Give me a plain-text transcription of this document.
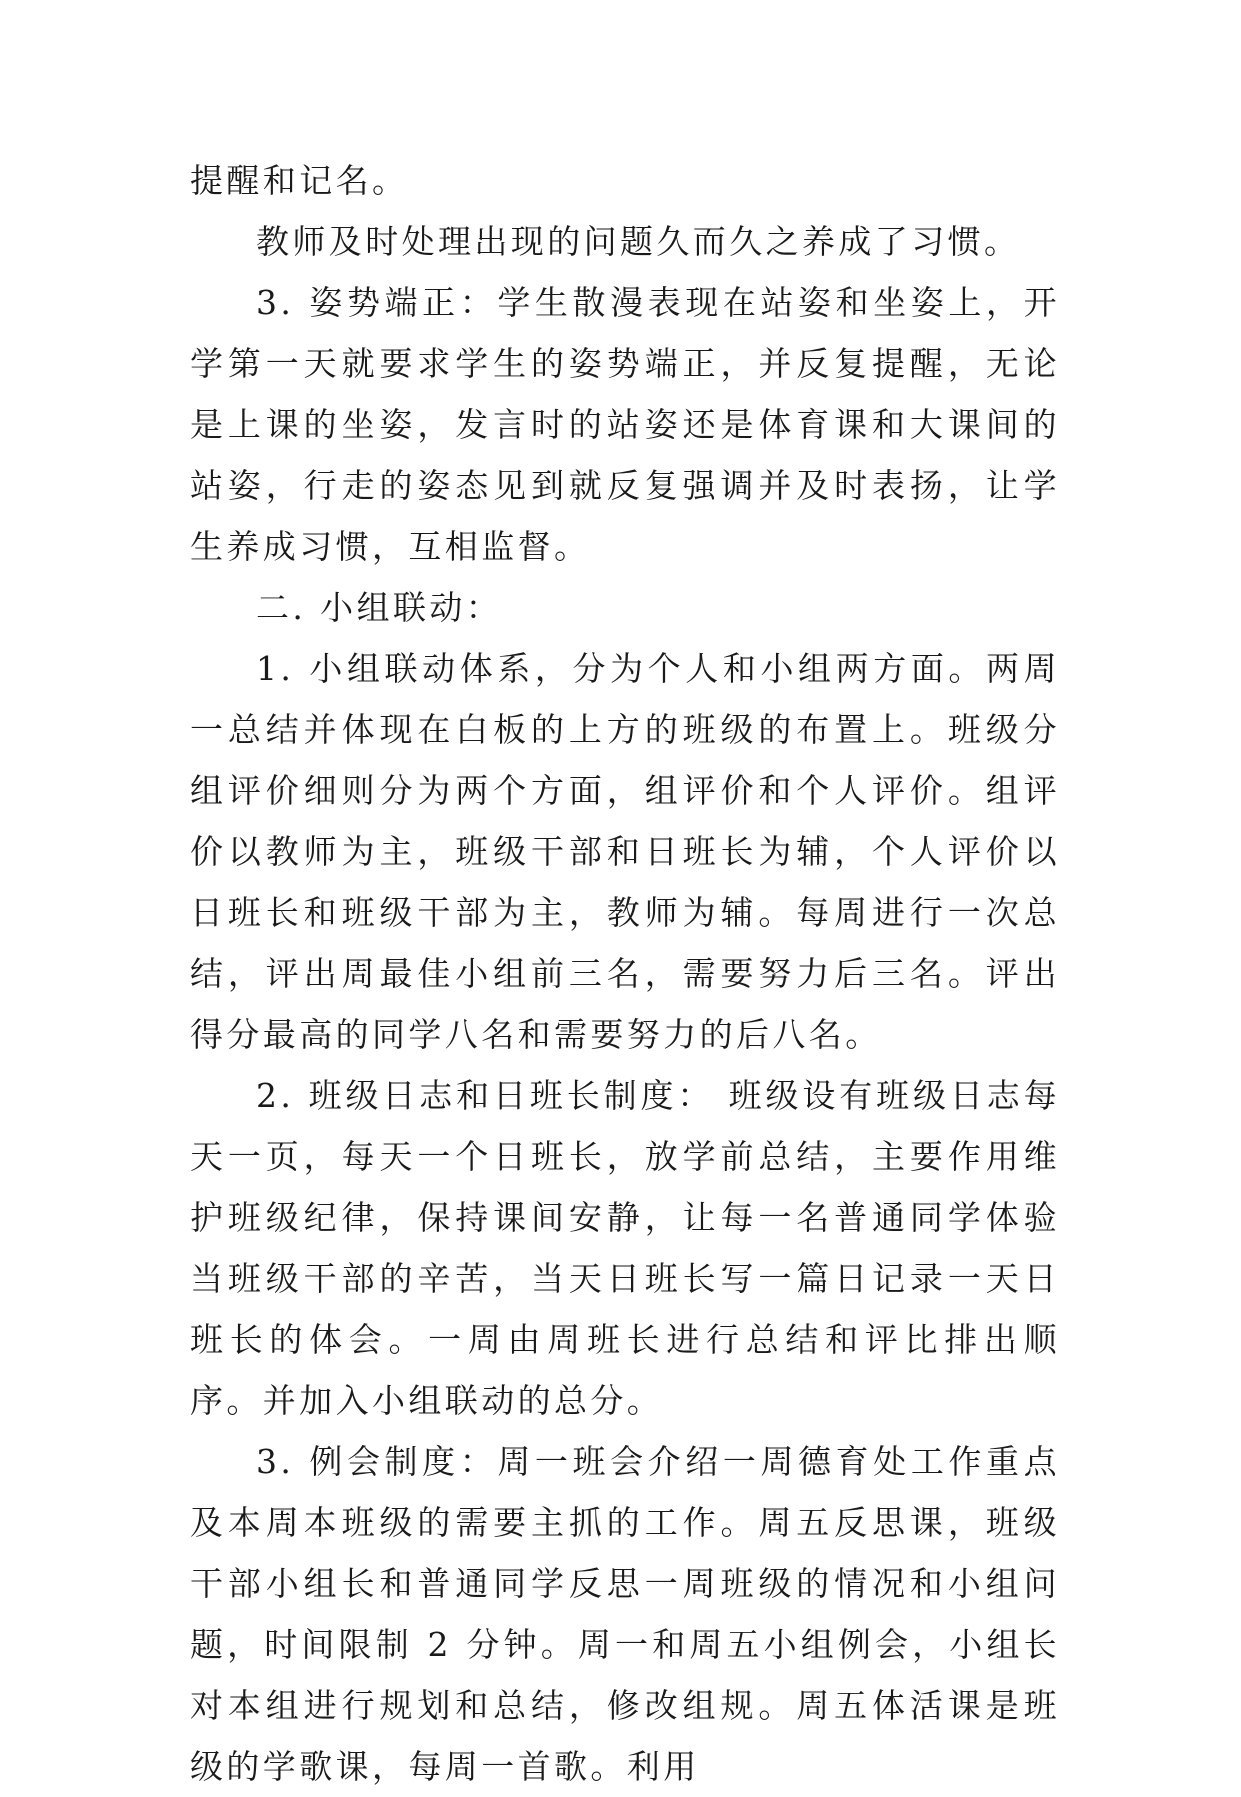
提醒和记名。

教师及时处理出现的问题久而久之养成了习惯。

3. 姿势端正：学生散漫表现在站姿和坐姿上，开学第一天就要求学生的姿势端正，并反复提醒，无论是上课的坐姿，发言时的站姿还是体育课和大课间的站姿，行走的姿态见到就反复强调并及时表扬，让学生养成习惯，互相监督。

二. 小组联动：

1. 小组联动体系，分为个人和小组两方面。两周一总结并体现在白板的上方的班级的布置上。班级分组评价细则分为两个方面，组评价和个人评价。组评价以教师为主，班级干部和日班长为辅，个人评价以日班长和班级干部为主，教师为辅。每周进行一次总结，评出周最佳小组前三名，需要努力后三名。评出得分最高的同学八名和需要努力的后八名。

2. 班级日志和日班长制度： 班级设有班级日志每天一页，每天一个日班长，放学前总结，主要作用维护班级纪律，保持课间安静，让每一名普通同学体验当班级干部的辛苦，当天日班长写一篇日记录一天日班长的体会。一周由周班长进行总结和评比排出顺序。并加入小组联动的总分。

3. 例会制度：周一班会介绍一周德育处工作重点及本周本班级的需要主抓的工作。周五反思课，班级干部小组长和普通同学反思一周班级的情况和小组问题，时间限制 2 分钟。周一和周五小组例会，小组长对本组进行规划和总结，修改组规。周五体活课是班级的学歌课，每周一首歌。利用
